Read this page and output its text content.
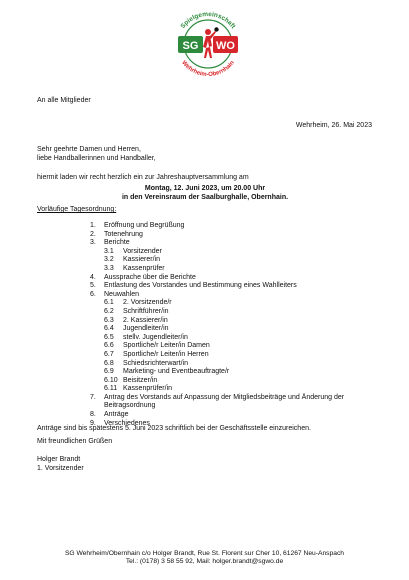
Spielgemeinschaft
Wehrheim-Obernhain
SG WO
An alle Mitglieder
Wehrheim, 26. Mai 2023
Sehr geehrte Damen und Herren,
liebe Handballerinnen und Handballer,
hiermit laden wir recht herzlich ein zur Jahreshauptversammlung am
Montag, 12. Juni 2023, um 20.00 Uhr
in den Vereinsraum der Saalburghalle, Obernhain.
Vorläufige Tagesordnung:
1.	Eröffnung und Begrüßung
2.	Totenehrung
3.	Berichte
3.1	Vorsitzender
3.2	Kassierer/in
3.3	Kassenprüfer
4.	Aussprache über die Berichte
5.	Entlastung des Vorstandes und Bestimmung eines Wahlleiters
6.	Neuwahlen
6.1	2. Vorsitzende/r
6.2	Schriftführer/in
6.3	2. Kassierer/in
6.4	Jugendleiter/in
6.5	stellv. Jugendleiter/in
6.6	Sportliche/r Leiter/in Damen
6.7	Sportliche/r Leiter/in Herren
6.8	Schiedsrichterwart/in
6.9	Marketing- und Eventbeauftragte/r
6.10 Beisitzer/in
6.11 Kassenprüfer/in
7.	Antrag des Vorstands auf Anpassung der Mitgliedsbeiträge und Änderung der Beitragsordnung
8.	Anträge
9.	Verschiedenes
Anträge sind bis spätestens 5. Juni 2023 schriftlich bei der Geschäftsstelle einzureichen.
Mit freundlichen Grüßen
Holger Brandt
1. Vorsitzender
SG Wehrheim/Obernhain c/o Holger Brandt, Rue St. Florent sur Cher 10, 61267 Neu-Anspach
Tel.: (0178) 3 58 55 92, Mail: holger.brandt@sgwo.de
